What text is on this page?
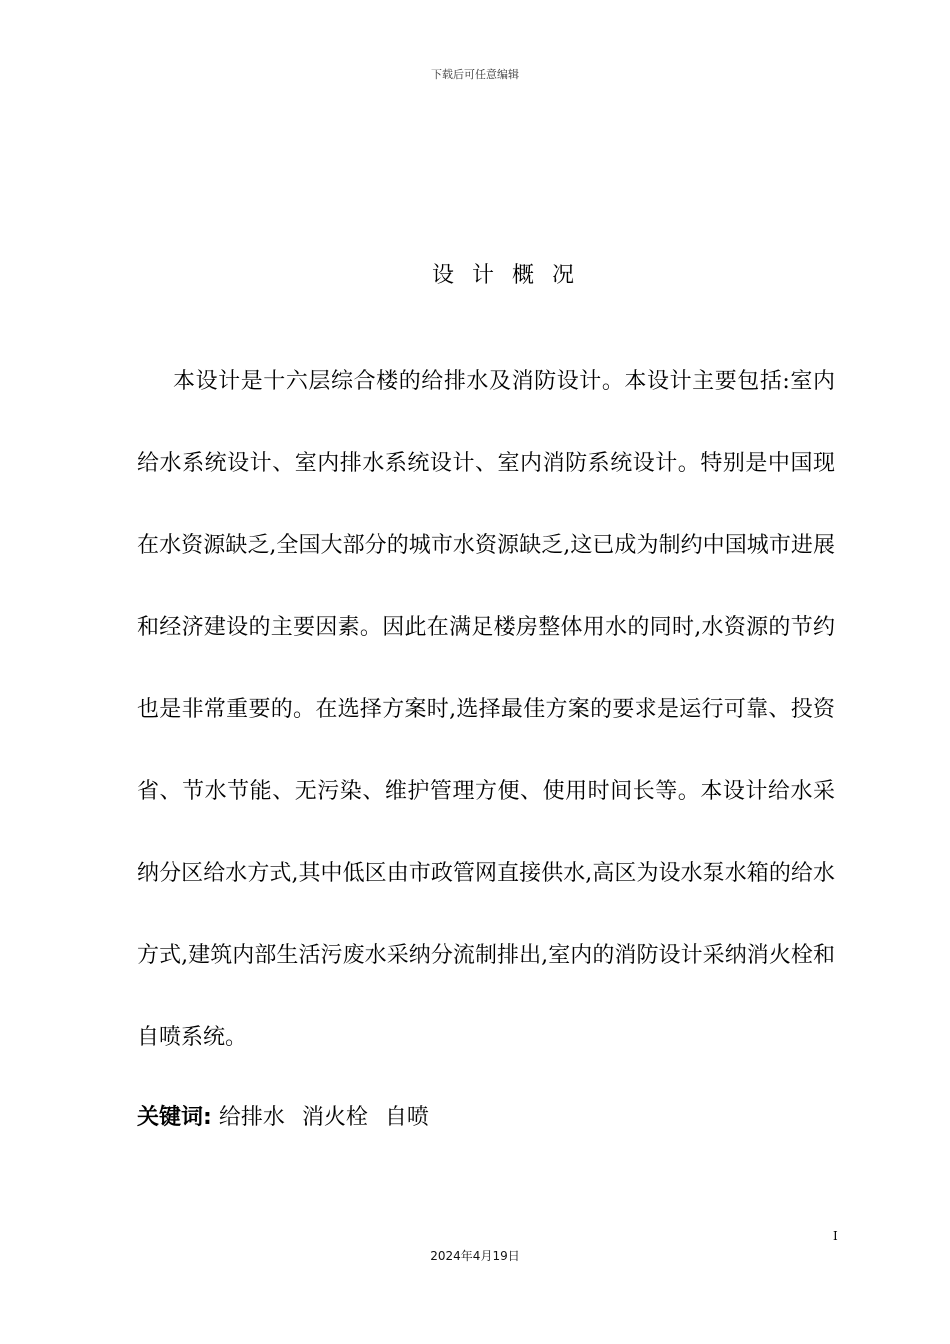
下载后可任意编辑
设计概况
本设计是十六层综合楼的给排水及消防设计。本设计主要包括:室内给水系统设计、室内排水系统设计、室内消防系统设计。特别是中国现在水资源缺乏,全国大部分的城市水资源缺乏,这已成为制约中国城市进展和经济建设的主要因素。因此在满足楼房整体用水的同时,水资源的节约也是非常重要的。在选择方案时,选择最佳方案的要求是运行可靠、投资省、节水节能、无污染、维护管理方便、使用时间长等。本设计给水采纳分区给水方式,其中低区由市政管网直接供水,高区为设水泵水箱的给水方式,建筑内部生活污废水采纳分流制排出,室内的消防设计采纳消火栓和自喷系统。
关键词: 给排水 消火栓 自喷
I
2024年4月19日
